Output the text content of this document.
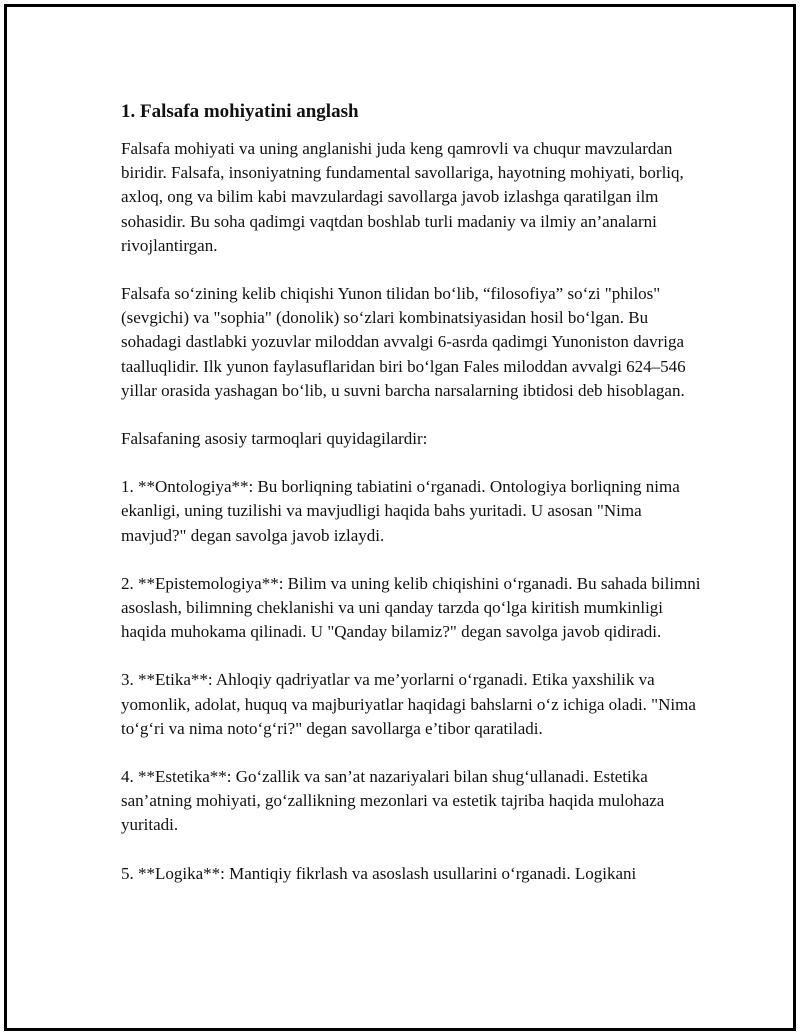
1. Falsafa mohiyatini anglash

Falsafa mohiyati va uning anglanishi juda keng qamrovli va chuqur mavzulardan biridir. Falsafa, insoniyatning fundamental savollariga, hayotning mohiyati, borliq, axloq, ong va bilim kabi mavzulardagi savollarga javob izlashga qaratilgan ilm sohasidir. Bu soha qadimgi vaqtdan boshlab turli madaniy va ilmiy an’analarni rivojlantirgan.

Falsafa so‘zining kelib chiqishi Yunon tilidan bo‘lib, “filosofiya” so‘zi "philos" (sevgichi) va "sophia" (donolik) so‘zlari kombinatsiyasidan hosil bo‘lgan. Bu sohadagi dastlabki yozuvlar miloddan avvalgi 6-asrda qadimgi Yunoniston davriga taalluqlidir. Ilk yunon faylasuflaridan biri bo‘lgan Fales miloddan avvalgi 624–546 yillar orasida yashagan bo‘lib, u suvni barcha narsalarning ibtidosi deb hisoblagan.

Falsafaning asosiy tarmoqlari quyidagilardir:

1. **Ontologiya**: Bu borliqning tabiatini o‘rganadi. Ontologiya borliqning nima ekanligi, uning tuzilishi va mavjudligi haqida bahs yuritadi. U asosan "Nima mavjud?" degan savolga javob izlaydi.

2. **Epistemologiya**: Bilim va uning kelib chiqishini o‘rganadi. Bu sahada bilimni asoslash, bilimning cheklanishi va uni qanday tarzda qo‘lga kiritish mumkinligi haqida muhokama qilinadi. U "Qanday bilamiz?" degan savolga javob qidiradi.

3. **Etika**: Ahloqiy qadriyatlar va me’yorlarni o‘rganadi. Etika yaxshilik va yomonlik, adolat, huquq va majburiyatlar haqidagi bahslarni o‘z ichiga oladi. "Nima to‘g‘ri va nima noto‘g‘ri?" degan savollarga e’tibor qaratiladi.

4. **Estetika**: Go‘zallik va san’at nazariyalari bilan shug‘ullanadi. Estetika san’atning mohiyati, go‘zallikning mezonlari va estetik tajriba haqida mulohaza yuritadi.

5. **Logika**: Mantiqiy fikrlash va asoslash usullarini o‘rganadi. Logikani
